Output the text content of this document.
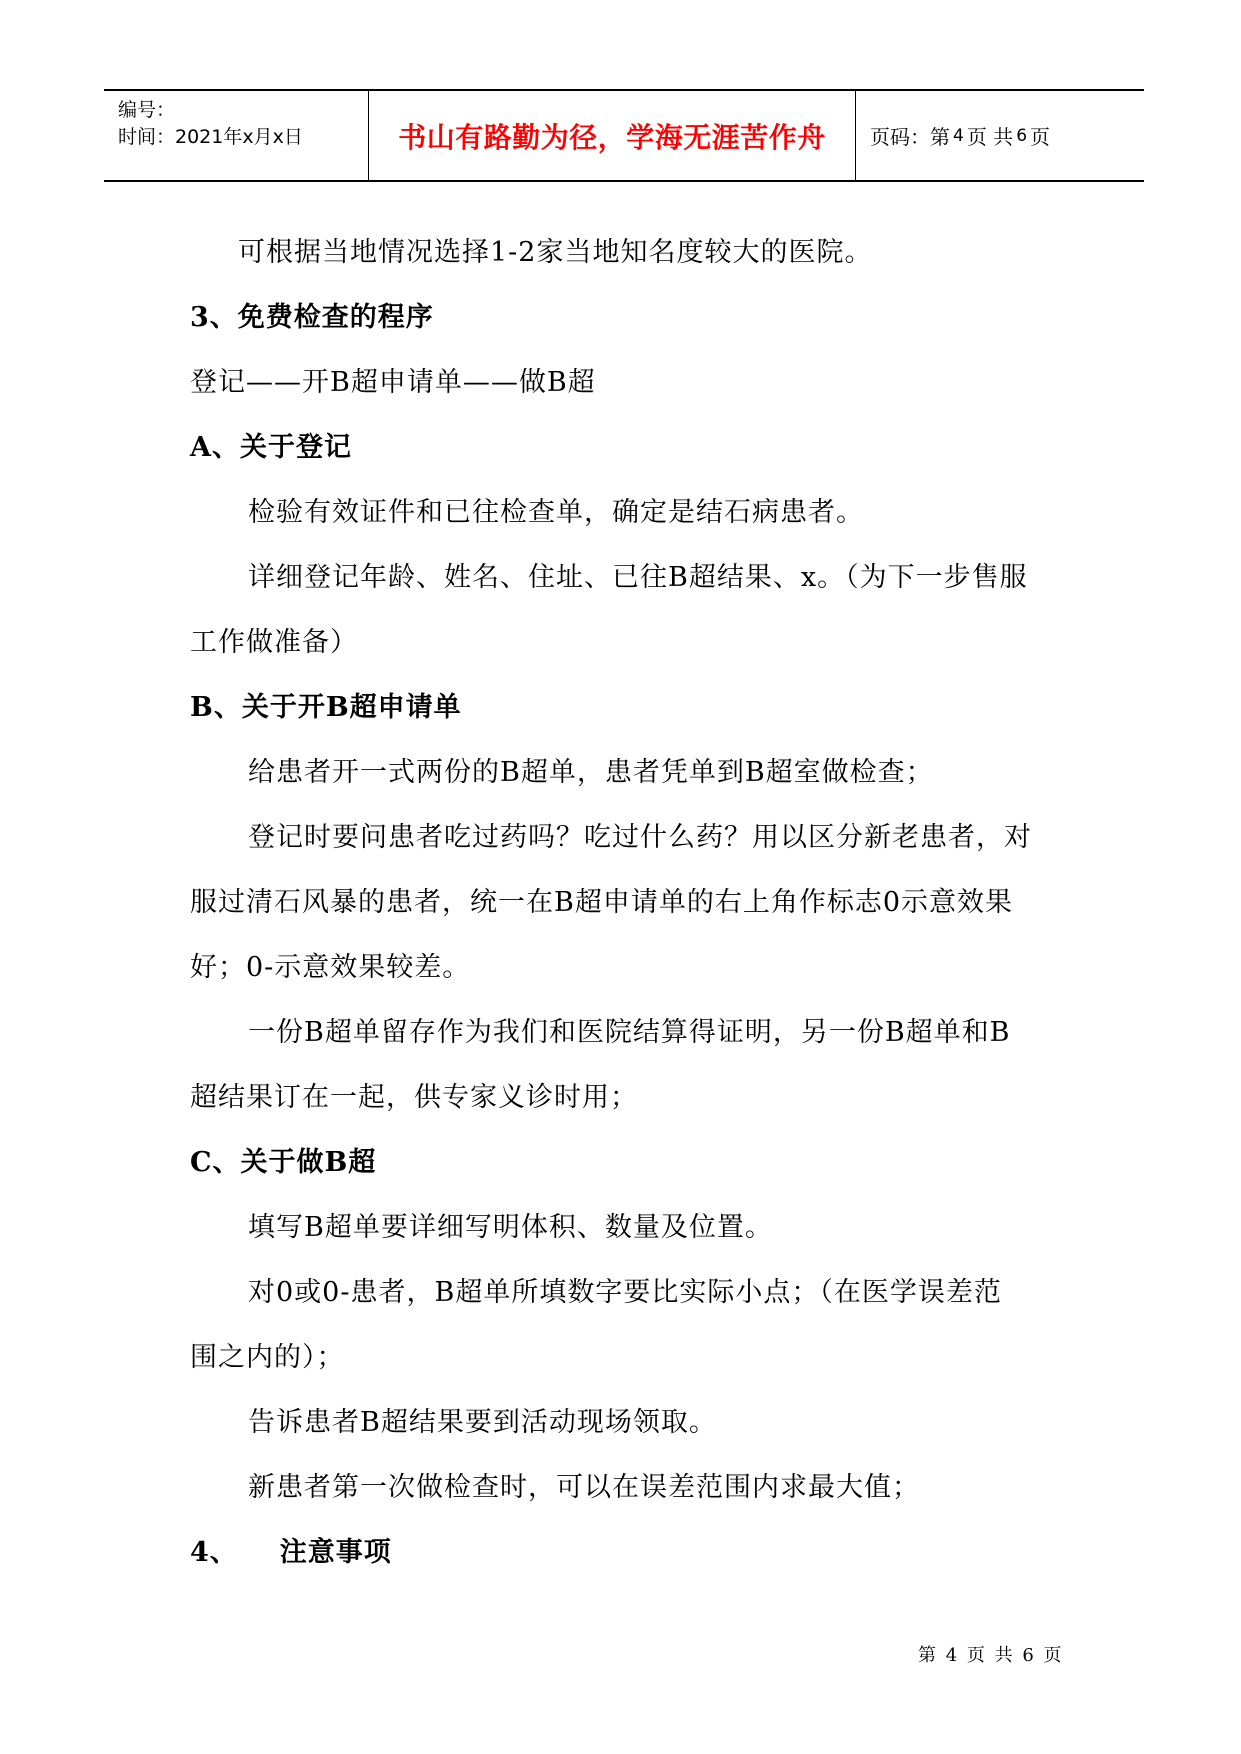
编号：
时间：2021年x月x日	书山有路勤为径，学海无涯苦作舟 页码：第 4 页 共 6 页

可根据当地情况选择1-2家当地知名度较大的医院。

3、免费检查的程序

登记——开B超申请单——做B超

A、关于登记

检验有效证件和已往检查单，确定是结石病患者。

详细登记年龄、姓名、住址、已往B超结果、x。（为下一步售服

工作做准备）

B、关于开B超申请单

给患者开一式两份的B超单，患者凭单到B超室做检查；

登记时要问患者吃过药吗？吃过什么药？用以区分新老患者，对

服过清石风暴的患者，统一在B超申请单的右上角作标志0示意效果

好；0-示意效果较差。

一份B超单留存作为我们和医院结算得证明，另一份B超单和B

超结果订在一起，供专家义诊时用；

C、关于做B超

填写B超单要详细写明体积、数量及位置。

对0或0-患者，B超单所填数字要比实际小点；（在医学误差范

围之内的）；

告诉患者B超结果要到活动现场领取。

新患者第一次做检查时，可以在误差范围内求最大值；

4、 注意事项

第 4 页 共 6 页
